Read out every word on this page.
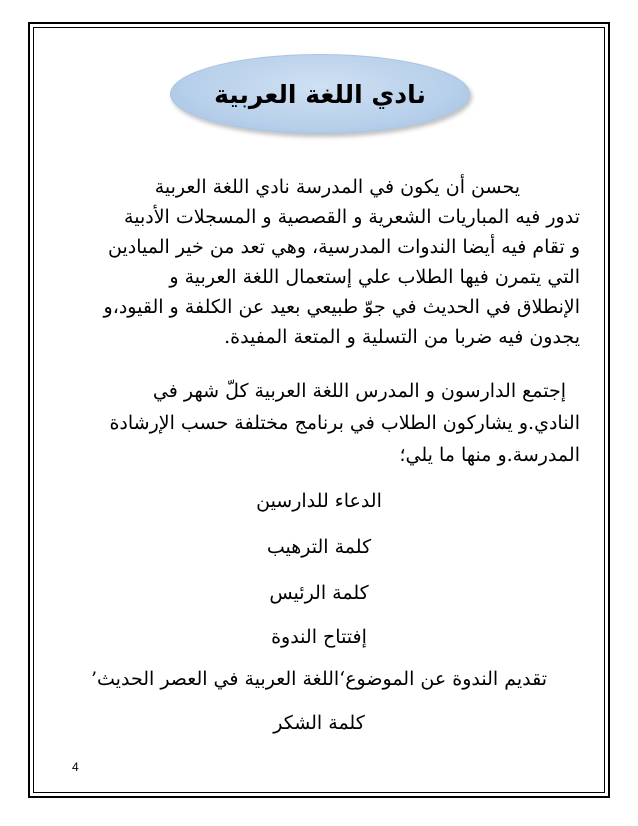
نادي اللغة العربية
يحسن أن يكون في المدرسة نادي اللغة العربية
تدور فيه المباريات الشعرية و القصصية و المسجلات الأدبية
و تقام فيه أيضا الندوات المدرسية، وهي تعد من خير الميادين
التي يتمرن فيها الطلاب علي إستعمال اللغة العربية و
الإنطلاق في الحديث في جوّ طبيعي بعيد عن الكلفة و القيود،و
يجدون فيه ضربا من التسلية و المتعة المفيدة.
إجتمع الدارسون و المدرس اللغة العربية كلّ شهر في
النادي.و يشاركون الطلاب في برنامج مختلفة حسب الإرشادة
المدرسة.و منها ما يلي؛
الدعاء للدارسين
كلمة الترهيب
كلمة الرئيس
إفتتاح الندوة
تقديم الندوة عن الموضوع‘اللغة العربية في العصر الحديث’
كلمة الشكر
4
